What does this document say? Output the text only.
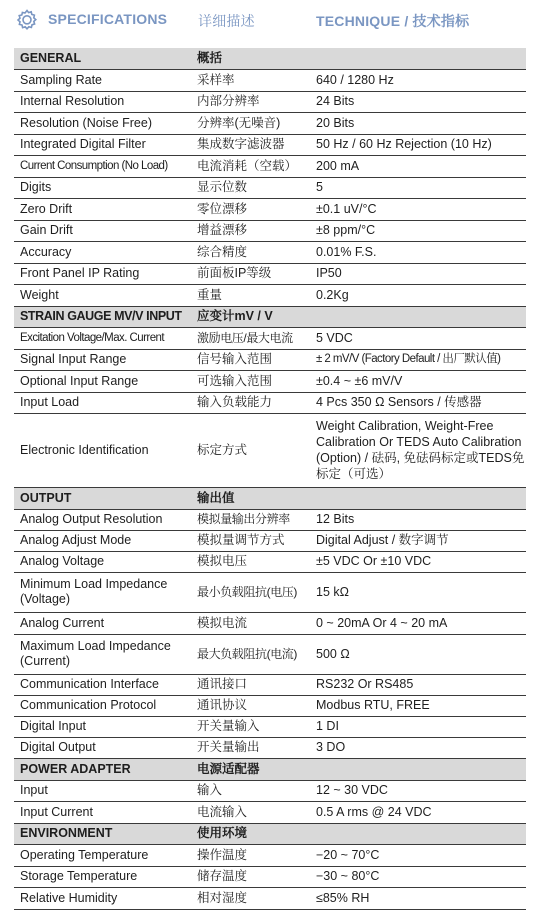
SPECIFICATIONS 详细描述	TECHNIQUE / 技术指标
GENERAL	概括	
Sampling Rate	采样率	640 / 1280 Hz
Internal Resolution	内部分辨率	24 Bits
Resolution (Noise Free)	分辨率(无噪音)	20 Bits
Integrated Digital Filter	集成数字滤波器	50 Hz / 60 Hz Rejection (10 Hz)
Current Consumption (No Load)	电流消耗（空载）	200 mA
Digits	显示位数	5
Zero Drift	零位漂移	±0.1 uV/°C
Gain Drift	增益漂移	±8 ppm/°C
Accuracy	综合精度	0.01% F.S.
Front Panel IP Rating	前面板IP等级	IP50
Weight	重量	0.2Kg
STRAIN GAUGE MV/V INPUT	应变计mV / V	
Excitation Voltage/Max. Current	激励电压/最大电流	5 VDC
Signal Input Range	信号输入范围	± 2 mV/V (Factory Default / 出厂默认值)
Optional Input Range	可选输入范围	±0.4 ~ ±6 mV/V
Input Load	输入负载能力	4 Pcs 350 Ω Sensors / 传感器
Electronic Identification	标定方式	Weight Calibration, Weight-Free Calibration Or TEDS Auto Calibration (Option) / 砝码, 免砝码标定或TEDS免标定（可选）
OUTPUT	输出值	
Analog Output Resolution	模拟量输出分辨率	12 Bits
Analog Adjust Mode	模拟量调节方式	Digital Adjust / 数字调节
Analog Voltage	模拟电压	±5 VDC Or ±10 VDC
Minimum Load Impedance (Voltage)	最小负载阻抗(电压)	15 kΩ
Analog Current	模拟电流	0 ~ 20mA Or 4 ~ 20 mA
Maximum Load Impedance (Current)	最大负载阻抗(电流)	500 Ω
Communication Interface	通讯接口	RS232 Or RS485
Communication Protocol	通讯协议	Modbus RTU, FREE
Digital Input	开关量输入	1 DI
Digital Output	开关量输出	3 DO
POWER ADAPTER	电源适配器	
Input	输入	12 ~ 30 VDC
Input Current	电流输入	0.5 A rms @ 24 VDC
ENVIRONMENT	使用环境	
Operating Temperature	操作温度	−20 ~ 70°C
Storage Temperature	储存温度	−30 ~ 80°C
Relative Humidity	相对湿度	≤85% RH
